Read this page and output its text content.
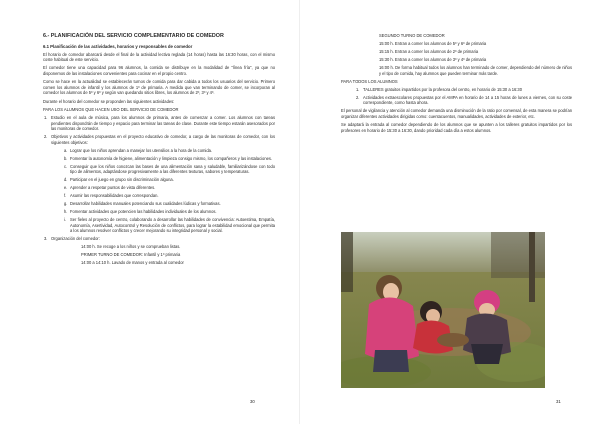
6.- PLANIFICACIÓN DEL SERVICIO COMPLEMENTARIO DE COMEDOR
6.1 Planificación de las actividades, horarios y responsables de comedor

El horario de comedor abarcará desde el final de la actividad lectiva reglada (14 horas) hasta las 16:30 horas, con el mismo coste habitual de este servicio.

El comedor tiene una capacidad para 96 alumnos, la comida se distribuye en la modalidad de "línea fría", ya que no disponemos de las instalaciones convenientes para cocinar en el propio centro.

Como se hace en la actualidad se establecerán turnos de comida para dar cabida a todos los usuarios del servicio. Primero comen los alumnos de infantil y los alumnos de 1º de primaria. A medida que van terminando de comer, se incorporan al comedor los alumnos de 5º y 6º y según van quedando sitios libres, los alumnos de 2º, 3º y 4º.

Durante el horario del comedor se proponden las siguientes actividades:

PARA LOS ALUMNOS QUE HACEN USO DEL SERVICIO DE COMEDOR

1. Estudio en el aula de música, para los alumnos de primaria, antes de comenzar a comer. Los alumnos con tareas pendientes dispondrán de tiempo y espacio para terminar las tareas de clase. Durante este tiempo estarán asesorados por las monitoras de comedor.
2. Objetivos y actividades propuestas en el proyecto educativo de comedor, a cargo de las monitoras de comedor, con los siguientes objetivos:
a. Lograr que los niños aprendan a manejar los utensilios a la hora de la comida.
b. Fomentar la autonomía de higiene, alimentación y limpieza consigo mismo, los compañeros y las instalaciones.
c. Conseguir que los niños conozcan las bases de una alimentación sana y saludable, familiarizándose con todo tipo de alimentos, adaptándose progresivamente a las diferentes texturas, sabores y temperaturas.
d. Participar en el juego en grupo sin discriminación alguna.
e. Aprender a respetar puntos de vista diferentes.
f. Asumir las responsabilidades que correspondan.
g. Desarrollar habilidades manuales potenciando sus cualidades lúdicas y formativas.
h. Fomentar actividades que potencien las habilidades individuales de los alumnos.
i. Ser fieles al proyecto de centro, colaborando a desarrollar las habilidades de convivencia: Autoestima, Empatía, Autonomía, Asertividad, Autocontrol y Resolución de conflictos, para lograr la estabilidad emocional que permita a los alumnos resolver conflictos y crecer mejorando su integridad personal y social.
3. Organización del comedor:
14:00 h. Se recoge a los niños y se comprueban listas.
PRIMER TURNO DE COMEDOR: Infantil y 1º primaria
14:00 a 14:10 h. Lavado de manos y entrada al comedor
30
SEGUNDO TURNO DE COMEDOR
15:00 h. Entran a comer los alumnos de 5º y 6º de primaria
15:15 h. Entran a comer los alumnos de 2º de primaria
15:30 h. Entran a comer los alumnos de 3º y 4º de primaria
16:00 h. De forma habitual todos los alumnos han terminado de comer, dependiendo del número de niños y el tipo de comida, hay alumnos que pueden terminar más tarde.

PARA TODOS LOS ALUMNOS

1. TALLERES gratuitos impartidos por la profesora del centro, en horario de 15:30 a 16:30
2. Actividades extraescolares propuestas por el AMPA en horario de 14 a 15 horas de lunes a viernes, con su coste correspondiente, como hasta ahora.

El personal de vigilancia y atención al comedor demanda una disminución de la ratio por comensal, de esta manera se podrían organizar diferentes actividades dirigidas como: cuentacuentos, manualidades, actividades de exterior, etc.

Se adaptará la entrada al comedor dependiendo de los alumnos que se apunten a los talleres gratuitos impartidos por los profesores en horario de 15:30 a 16:30, dando prioridad cada día a estos alumnos.

31
